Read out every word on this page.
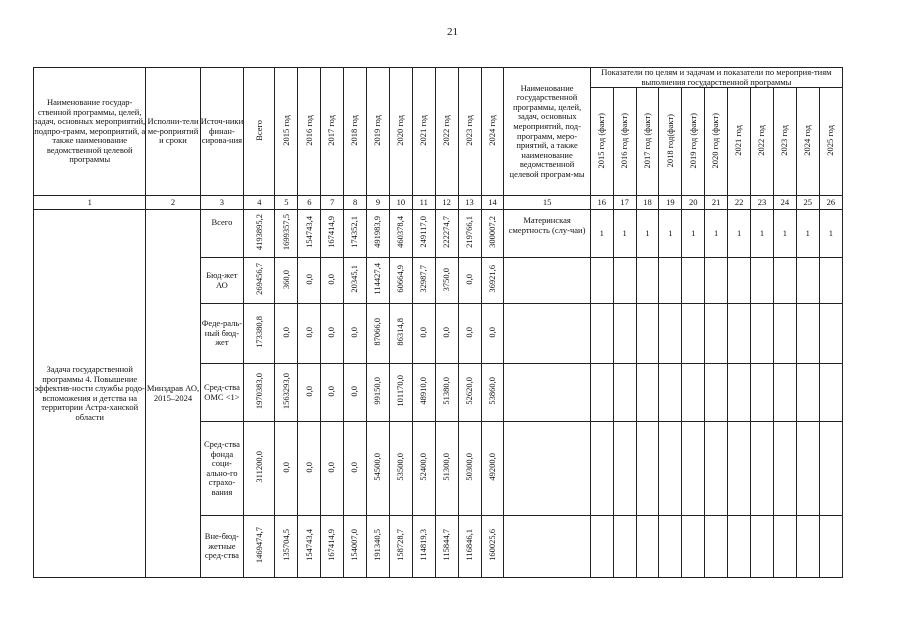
21
Наименование государ-ственной программы, целей, задач, основных мероприятий, подпро-грамм, мероприятий, а также наименование ведомственной целевой программы	Исполни-тели ме-роприятий и сроки	Источ-ники финан-сирова-ния	Всего	2015 год	2016 год	2017 год	2018 год	2019 год	2020 год	2021 год	2022 год	2023 год	2024 год	Наименование государственной программы, целей, задач, основных мероприятий, под-программ, меро-приятий, а также наименование ведомственной целевой програм-мы	Показатели по целям и задачам и показатели по мероприя-тиям выполнения государственной программы										
															2015 год (факт)	2016 год (факт)	2017 год (факт)	2018 год(факт)	2019 год (факт)	2020 год (факт)	2021 год	2022 год	2023 год	2024 год	2025 год
1	2	3	4	5	6	7	8	9	10	11	12	13	14	15	16	17	18	19	20	21	22	23	24	25	26
Задача государственной программы 4. Повышение эффектив-ности службы родо-вспоможения и детства на территории Астра-ханской области	Минздрав АО, 2015–2024	Всего	4193895,2	1699357,5	154743,4	167414,9	174352,1	491983,9	460378,4	249117,0	222274,7	219766,1	300007,2	Материнская смертность (слу-чаи)	1	1	1	1	1	1	1	1	1	1	1
		Бюд-жет АО	269456,7	360,0	0,0	0,0	20345,1	114427,4	60664,9	32987,7	3750,0	0,0	36921,6												
		Феде-раль-ный бюд-жет	173380,8	0,0	0,0	0,0	0,0	87066,0	86314,8	0,0	0,0	0,0	0,0												
		Сред-ства ОМС <1>	1970383,0	1563293,0	0,0	0,0	0,0	99150,0	101170,0	48910,0	51380,0	52620,0	53860,0												
		Сред-ства фонда соци-ально-го страхо-вания	311200,0	0,0	0,0	0,0	0,0	54500,0	53500,0	52400,0	51300,0	50300,0	49200,0												
		Вне-бюд-жетные сред-ства	1469474,7	135704,5	154743,4	167414,9	154007,0	191340,5	158728,7	114819,3	115844,7	116846,1	160025,6												
